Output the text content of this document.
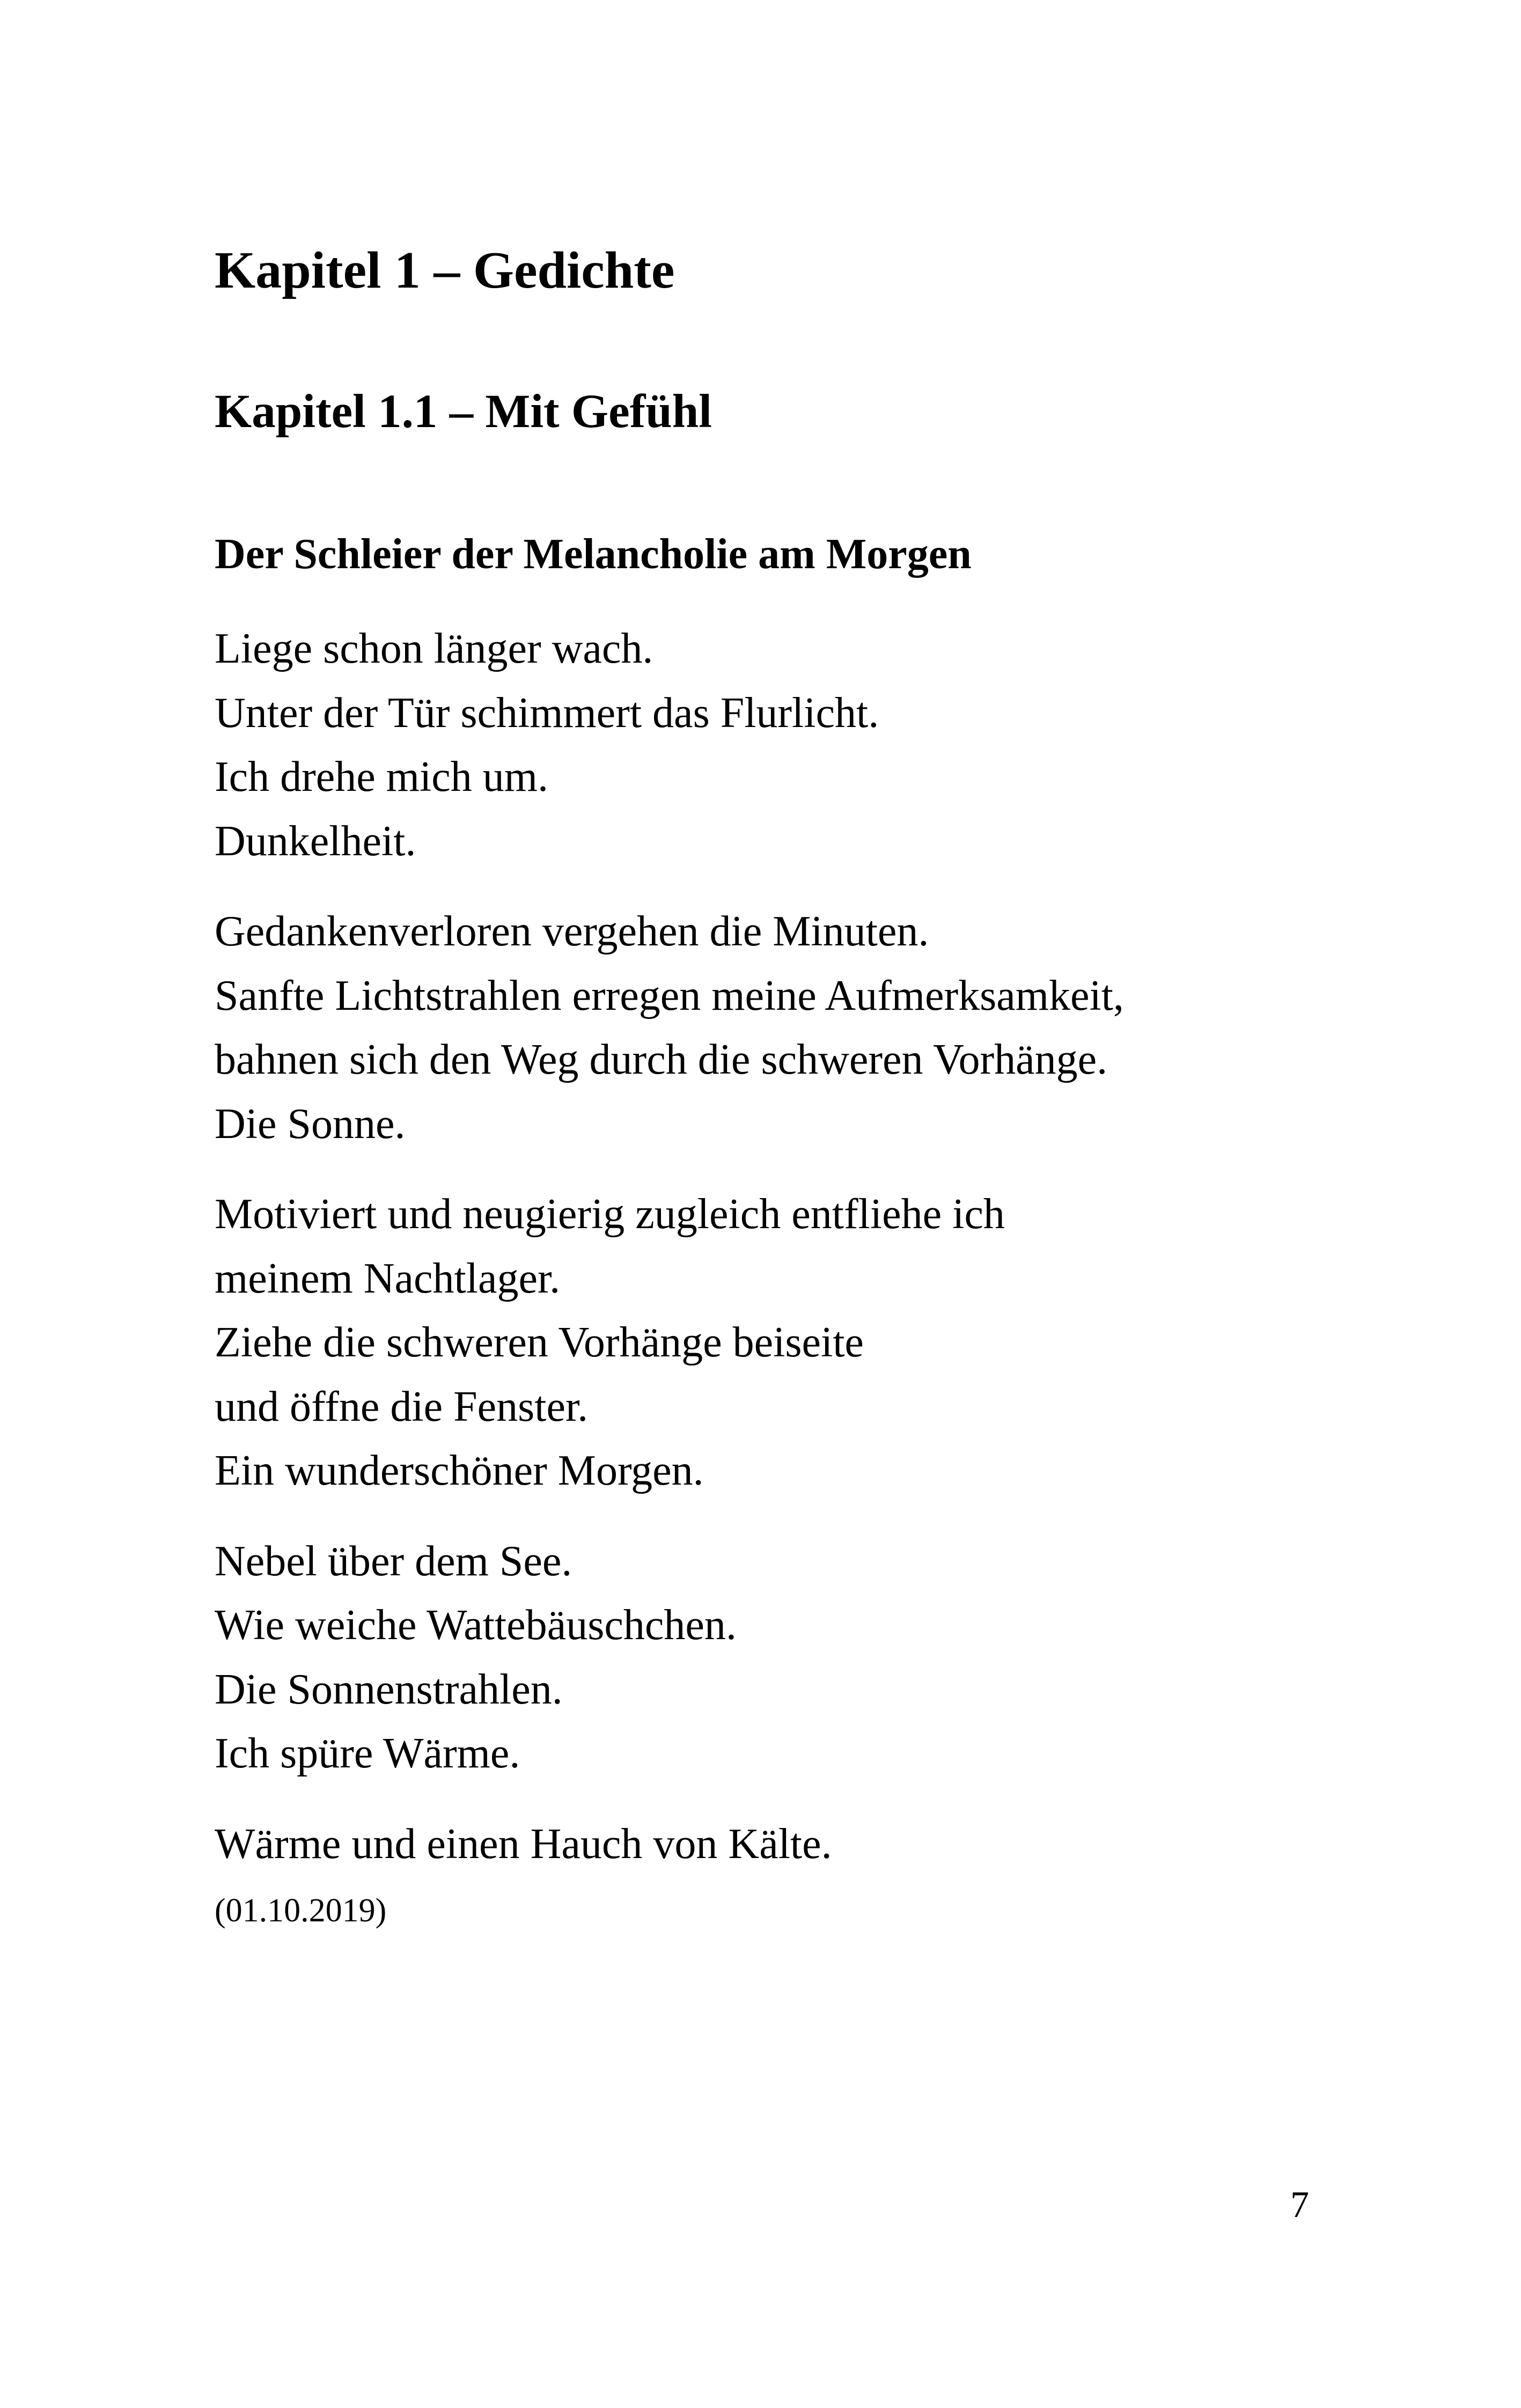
Kapitel 1 – Gedichte
Kapitel 1.1 – Mit Gefühl
Der Schleier der Melancholie am Morgen

Liege schon länger wach.
Unter der Tür schimmert das Flurlicht.
Ich drehe mich um.
Dunkelheit.

Gedankenverloren vergehen die Minuten.
Sanfte Lichtstrahlen erregen meine Aufmerksamkeit,
bahnen sich den Weg durch die schweren Vorhänge.
Die Sonne.

Motiviert und neugierig zugleich entfliehe ich
meinem Nachtlager.
Ziehe die schweren Vorhänge beiseite
und öffne die Fenster.
Ein wunderschöner Morgen.

Nebel über dem See.
Wie weiche Wattebäuschchen.
Die Sonnenstrahlen.
Ich spüre Wärme.

Wärme und einen Hauch von Kälte.

(01.10.2019)
7
